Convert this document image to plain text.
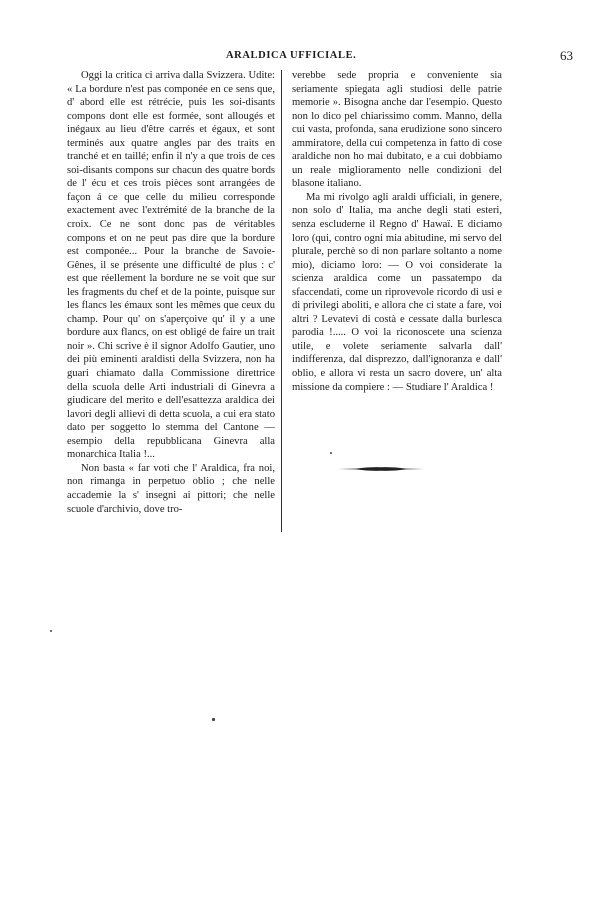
ARALDICA UFFICIALE.	63

Oggi la critica ci arriva dalla Svizzera. Udite: « La bordure n'est pas componée en ce sens que, d' abord elle est rétrécie, puis les soi-disants compons dont elle est formée, sont allougés et inégaux au lieu d'être carrés et égaux, et sont terminés aux quatre angles par des traits en tranché et en taillé; enfin il n'y a que trois de ces soi-disants compons sur chacun des quatre bords de l' écu et ces trois pièces sont arrangées de façon á ce que celle du milieu corresponde exactement avec l'extrémité de la branche de la croix. Ce ne sont donc pas de véritables compons et on ne peut pas dire que la bordure est componée... Pour la branche de Savoie-Gênes, il se présente une difficulté de plus : c' est que réellement la bordure ne se voit que sur les fragments du chef et de la pointe, puisque sur les flancs les émaux sont les mêmes que ceux du champ. Pour qu' on s'aperçoive qu' il y a une bordure aux flancs, on est obligé de faire un trait noir ». Chi scrive è il signor Adolfo Gautier, uno dei più eminenti araldisti della Svizzera, non ha guari chiamato dalla Commissione direttrice della scuola delle Arti industriali di Ginevra a giudicare del merito e dell'esattezza araldica dei lavori degli allievi di detta scuola, a cui era stato dato per soggetto lo stemma del Cantone — esempio della repubblicana Ginevra alla monarchica Italia !...

Non basta « far voti che l' Araldica, fra noi, non rimanga in perpetuo oblio ; che nelle accademie la s' insegni ai pittori; che nelle scuole d'archivio, dove tro-

verebbe sede propria e conveniente sia seriamente spiegata agli studiosi delle patrie memorie ». Bisogna anche dar l'esempio. Questo non lo dico pel chiarissimo comm. Manno, della cui vasta, profonda, sana erudizione sono sincero ammiratore, della cui competenza in fatto di cose araldiche non ho mai dubitato, e a cui dobbiamo un reale miglioramento nelle condizioni del blasone italiano.

Ma mi rivolgo agli araldi ufficiali, in genere, non solo d' Italia, ma anche degli stati esteri, senza escluderne il Regno d' Hawaï. E diciamo loro (qui, contro ogni mia abitudine, mi servo del plurale, perchè so di non parlare soltanto a nome mio), diciamo loro: — O voi considerate la scienza araldica come un passatempo da sfaccendati, come un riprovevole ricordo di usi e di privilegi aboliti, e allora che ci state a fare, voi altri ? Levatevi di costà e cessate dalla burlesca parodia !..... O voi la riconoscete una scienza utile, e volete seriamente salvarla dall' indifferenza, dal disprezzo, dall'ignoranza e dall' oblio, e allora vi resta un sacro dovere, un' alta missione da compiere : — Studiare l' Araldica !
